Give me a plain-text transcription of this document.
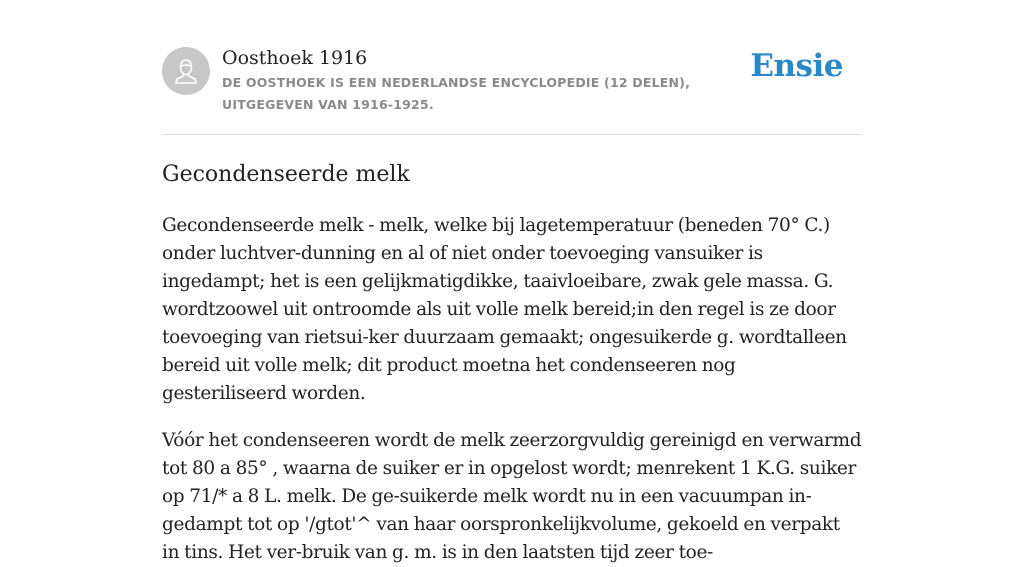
Oosthoek 1916
DE OOSTHOEK IS EEN NEDERLANDSE ENCYCLOPEDIE (12 DELEN), UITGEGEVEN VAN 1916-1925.
Ensie
Gecondenseerde melk

Gecondenseerde melk - melk, welke bij lagetemperatuur (beneden 70° C.) onder luchtver-dunning en al of niet onder toevoeging vansuiker is ingedampt; het is een gelijkmatigdikke, taaivloeibare, zwak gele massa. G. wordtzoowel uit ontroomde als uit volle melk bereid;in den regel is ze door toevoeging van rietsui-ker duurzaam gemaakt; ongesuikerde g. wordtalleen bereid uit volle melk; dit product moetna het condenseeren nog gesteriliseerd worden.

Vóór het condenseeren wordt de melk zeerzorgvuldig gereinigd en verwarmd tot 80 a 85° , waarna de suiker er in opgelost wordt; menrekent 1 K.G. suiker op 71/* a 8 L. melk. De ge-suikerde melk wordt nu in een vacuumpan in-gedampt tot op '/gtot'^ van haar oorspronkelijkvolume, gekoeld en verpakt in tins. Het ver-bruik van g. m. is in den laatsten tijd zeer toe-
